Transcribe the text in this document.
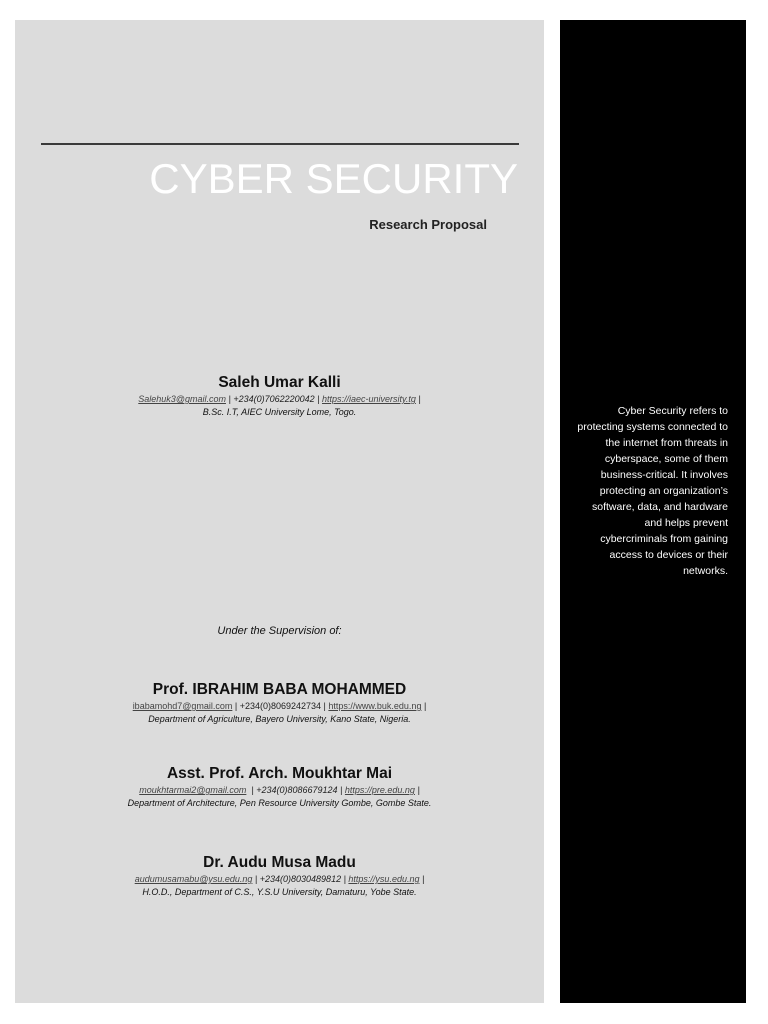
CYBER SECURITY
Research Proposal

Saleh Umar Kalli

Salehuk3@gmail.com | +234(0)7062220042 | https://iaec-university.tg |

B.Sc. I.T, AIEC University Lome, Togo.

Under the Supervision of:

Prof. IBRAHIM BABA MOHAMMED

ibabamohd7@gmail.com | +234(0)8069242734 | https://www.buk.edu.ng |

Department of Agriculture, Bayero University, Kano State, Nigeria.

Asst. Prof. Arch. Moukhtar Mai

moukhtarmai2@gmail.com  | +234(0)8086679124 | https://pre.edu.ng |

Department of Architecture, Pen Resource University Gombe, Gombe State.

Dr. Audu Musa Madu

audumusamabu@ysu.edu.ng | +234(0)8030489812 | https://ysu.edu.ng |

H.O.D., Department of C.S., Y.S.U University, Damaturu, Yobe State.

Cyber Security refers to protecting systems connected to the internet from threats in cyberspace, some of them business-critical. It involves protecting an organization’s software, data, and hardware and helps prevent cybercriminals from gaining access to devices or their networks.
